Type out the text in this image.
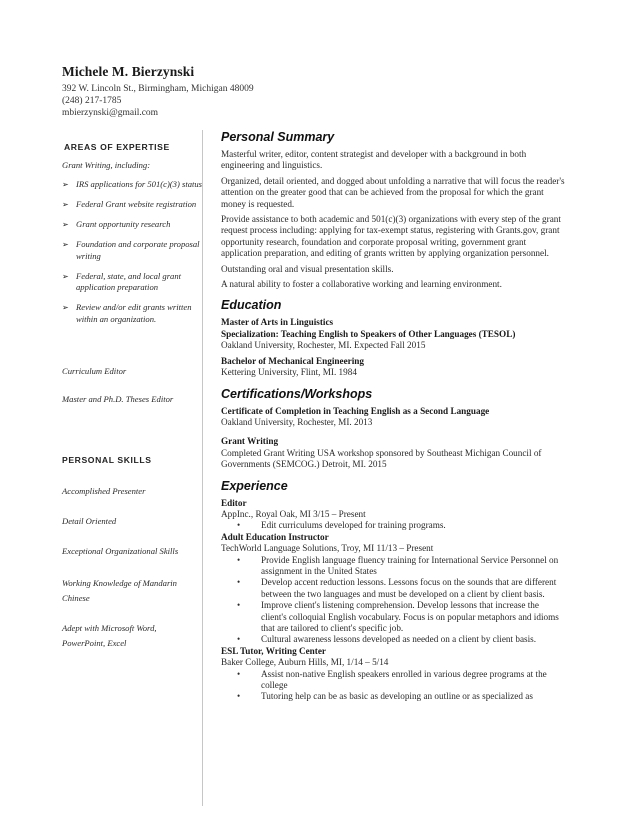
Michele M. Bierzynski
392 W. Lincoln St., Birmingham, Michigan 48009
(248) 217-1785
mbierzynski@gmail.com
AREAS OF EXPERTISE
Grant Writing, including:
➢ IRS applications for 501(c)(3) status
➢ Federal Grant website registration
➢ Grant opportunity research
➢ Foundation and corporate proposal writing
➢ Federal, state, and local grant application preparation
➢ Review and/or edit grants written within an organization.
Curriculum Editor
Master and Ph.D. Theses Editor
PERSONAL SKILLS
Accomplished Presenter
Detail Oriented
Exceptional Organizational Skills
Working Knowledge of Mandarin Chinese
Adept with Microsoft Word, PowerPoint, Excel
Personal Summary

Masterful writer, editor, content strategist and developer with a background in both engineering and linguistics.

Organized, detail oriented, and dogged about unfolding a narrative that will focus the reader's attention on the greater good that can be achieved from the proposal for which the grant money is requested.

Provide assistance to both academic and 501(c)(3) organizations with every step of the grant request process including: applying for tax-exempt status, registering with Grants.gov, grant opportunity research, foundation and corporate proposal writing, government grant application preparation, and editing of grants written by applying organization personnel.

Outstanding oral and visual presentation skills.

A natural ability to foster a collaborative working and learning environment.

Education

Master of Arts in Linguistics

Specialization: Teaching English to Speakers of Other Languages (TESOL)

Oakland University, Rochester, MI. Expected Fall 2015

Bachelor of Mechanical Engineering

Kettering University, Flint, MI. 1984

Certifications/Workshops

Certificate of Completion in Teaching English as a Second Language

Oakland University, Rochester, MI. 2013

Grant Writing

Completed Grant Writing USA workshop sponsored by Southeast Michigan Council of Governments (SEMCOG.) Detroit, MI. 2015

Experience

Editor

AppInc., Royal Oak, MI 3/15 – Present

• Edit curriculums developed for training programs.

Adult Education Instructor

TechWorld Language Solutions, Troy, MI 11/13 – Present

• Provide English language fluency training for International Service Personnel on assignment in the United States
• Develop accent reduction lessons. Lessons focus on the sounds that are different between the two languages and must be developed on a client by client basis.
• Improve client's listening comprehension. Develop lessons that increase the client's colloquial English vocabulary. Focus is on popular metaphors and idioms that are tailored to client's specific job.
• Cultural awareness lessons developed as needed on a client by client basis.

ESL Tutor, Writing Center

Baker College, Auburn Hills, MI, 1/14 – 5/14

• Assist non-native English speakers enrolled in various degree programs at the college
• Tutoring help can be as basic as developing an outline or as specialized as
